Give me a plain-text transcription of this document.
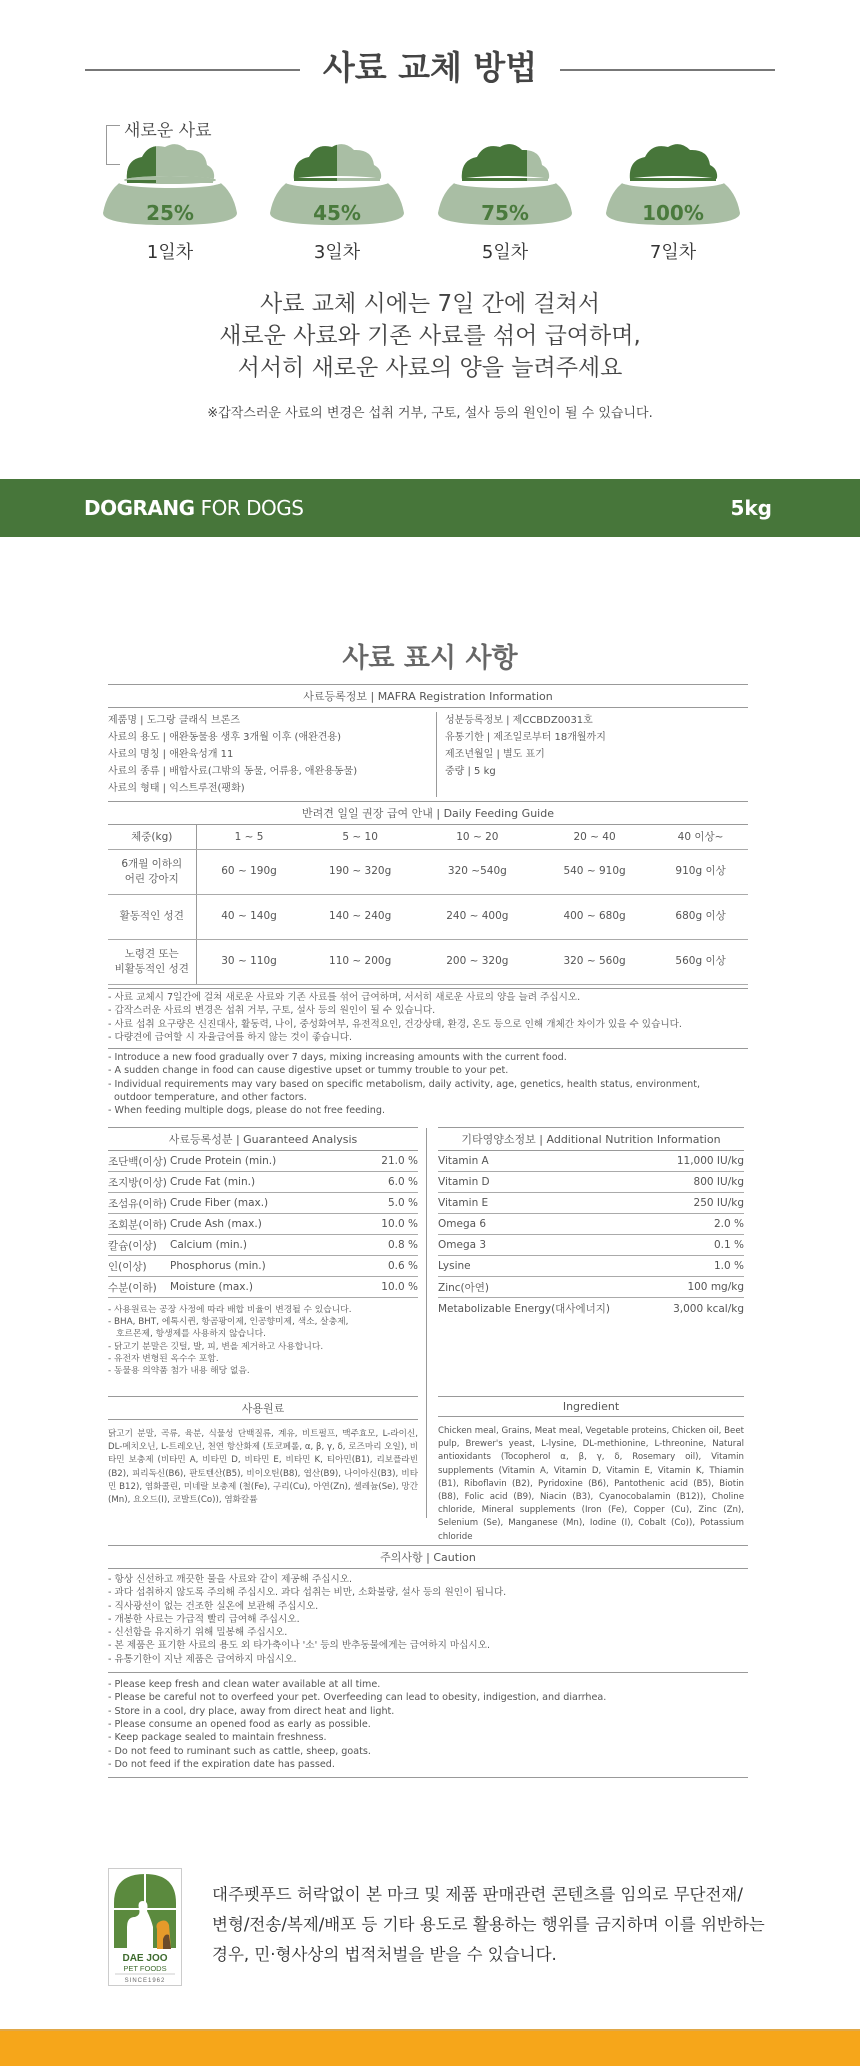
사료 교체 방법
새로운 사료
25%
1일차
45%
3일차
75%
5일차
100%
7일차
사료 교체 시에는 7일 간에 걸쳐서
새로운 사료와 기존 사료를 섞어 급여하며,
서서히 새로운 사료의 양을 늘려주세요
※갑작스러운 사료의 변경은 섭취 거부, 구토, 설사 등의 원인이 될 수 있습니다.
DOGRANG FOR DOGS	5kg
사료 표시 사항
사료등록정보 | MAFRA Registration Information
제품명 | 도그랑 클래식 브론즈
사료의 용도 | 애완동물용 생후 3개월 이후 (애완견용)
사료의 명칭 | 애완육성개 11
사료의 종류 | 배합사료(그밖의 동물, 어류용, 애완용동물)
사료의 형태 | 익스트루전(팽화)
성분등록정보 | 제CCBDZ0031호
유통기한 | 제조일로부터 18개월까지
제조년월일 | 별도 표기
중량 | 5 kg
반려견 일일 권장 급여 안내 | Daily Feeding Guide
체중(kg)	1 ~ 5	5 ~ 10	10 ~ 20	20 ~ 40	40 이상~

6개월 이하의
어린 강아지	60 ~ 190g	190 ~ 320g	320 ~540g	540 ~ 910g	910g 이상

활동적인 성견	40 ~ 140g	140 ~ 240g	240 ~ 400g	400 ~ 680g	680g 이상

노령견 또는
비활동적인 성견	30 ~ 110g	110 ~ 200g	200 ~ 320g	320 ~ 560g	560g 이상
- 사료 교체시 7일간에 걸쳐 새로운 사료와 기존 사료를 섞어 급여하며, 서서히 새로운 사료의 양을 늘려 주십시오.
- 갑작스러운 사료의 변경은 섭취 거부, 구토, 설사 등의 원인이 될 수 있습니다.
- 사료 섭취 요구량은 신진대사, 활동력, 나이, 중성화여부, 유전적요인, 건강상태, 환경, 온도 등으로 인해 개체간 차이가 있을 수 있습니다.
- 다량견에 급여할 시 자율급여를 하지 않는 것이 좋습니다.
- Introduce a new food gradually over 7 days, mixing increasing amounts with the current food.
- A sudden change in food can cause digestive upset or tummy trouble to your pet.
- Individual requirements may vary based on specific metabolism, daily activity, age, genetics, health status, environment,
outdoor temperature, and other factors.
- When feeding multiple dogs, please do not free feeding.
사료등록성분 | Guaranteed Analysis
조단백(이상) Crude Protein (min.)	21.0 %
조지방(이상) Crude Fat (min.)	6.0 %
조섬유(이하) Crude Fiber (max.)	5.0 %
조회분(이하) Crude Ash (max.)	10.0 %
칼슘(이상)	Calcium (min.)	0.8 %
인(이상)	Phosphorus (min.)	0.6 %
수분(이하)	Moisture (max.)	10.0 %
기타영양소정보 | Additional Nutrition Information
Vitamin A	11,000 IU/kg
Vitamin D	800 IU/kg
Vitamin E	250 IU/kg
Omega 6	2.0 %
Omega 3	0.1 %
Lysine	1.0 %
Zinc(아연)	100 mg/kg
Metabolizable Energy(대사에너지)	3,000 kcal/kg
- 사용원료는 공장 사정에 따라 배합 비율이 변경될 수 있습니다.
- BHA, BHT, 에톡시퀸, 항곰팡이제, 인공향미제, 색소, 살충제,
호르몬제, 항생제를 사용하지 않습니다.
- 닭고기 분말은 깃털, 발, 피, 변을 제거하고 사용합니다.
- 유전자 변형된 옥수수 포함.
- 동물용 의약품 첨가 내용 해당 없음.
사용원료
닭고기 분말, 곡류, 육분, 식물성 단백질류, 계유, 비트펄프, 맥주효모, L-라이신, DL-메치오닌, L-트레오닌, 천연 항산화제 (토코페롤, α, β, γ, δ, 로즈마리 오일), 비타민 보충제 (비타민 A, 비타민 D, 비타민 E, 비타민 K, 티아민(B1), 리보플라빈(B2), 피리독신(B6), 판토텐산(B5), 비이오틴(B8), 엽산(B9), 나이아신(B3), 비타민 B12), 염화콜린, 미네랄 보충제 (철(Fe), 구리(Cu), 아연(Zn), 셀레늄(Se), 망간(Mn), 요오드(I), 코발트(Co)), 염화칼륨
Ingredient
Chicken meal, Grains, Meat meal, Vegetable proteins, Chicken oil, Beet pulp, Brewer's yeast, L-lysine, DL-methionine, L-threonine, Natural antioxidants (Tocopherol α, β, γ, δ, Rosemary oil), Vitamin supplements (Vitamin A, Vitamin D, Vitamin E, Vitamin K, Thiamin (B1), Riboflavin (B2), Pyridoxine (B6), Pantothenic acid (B5), Biotin (B8), Folic acid (B9), Niacin (B3), Cyanocobalamin (B12)), Choline chloride, Mineral supplements (Iron (Fe), Copper (Cu), Zinc (Zn), Selenium (Se), Manganese (Mn), Iodine (I), Cobalt (Co)), Potassium chloride
주의사항 | Caution
- 항상 신선하고 깨끗한 물을 사료와 같이 제공해 주십시오.
- 과다 섭취하지 않도록 주의해 주십시오. 과다 섭취는 비만, 소화불량, 설사 등의 원인이 됩니다.
- 직사광선이 없는 건조한 실온에 보관해 주십시오.
- 개봉한 사료는 가급적 빨리 급여해 주십시오.
- 신선함을 유지하기 위해 밀봉해 주십시오.
- 본 제품은 표기한 사료의 용도 외 타가축이나 '소' 등의 반추동물에게는 급여하지 마십시오.
- 유통기한이 지난 제품은 급여하지 마십시오.
- Please keep fresh and clean water available at all time.
- Please be careful not to overfeed your pet. Overfeeding can lead to obesity, indigestion, and diarrhea.
- Store in a cool, dry place, away from direct heat and light.
- Please consume an opened food as early as possible.
- Keep package sealed to maintain freshness.
- Do not feed to ruminant such as cattle, sheep, goats.
- Do not feed if the expiration date has passed.
DAE JOO
PET FOODS
SINCE1962
대주펫푸드 허락없이 본 마크 및 제품 판매관련 콘텐츠를 임의로 무단전재/
변형/전송/복제/배포 등 기타 용도로 활용하는 행위를 금지하며 이를 위반하는
경우, 민·형사상의 법적처벌을 받을 수 있습니다.
